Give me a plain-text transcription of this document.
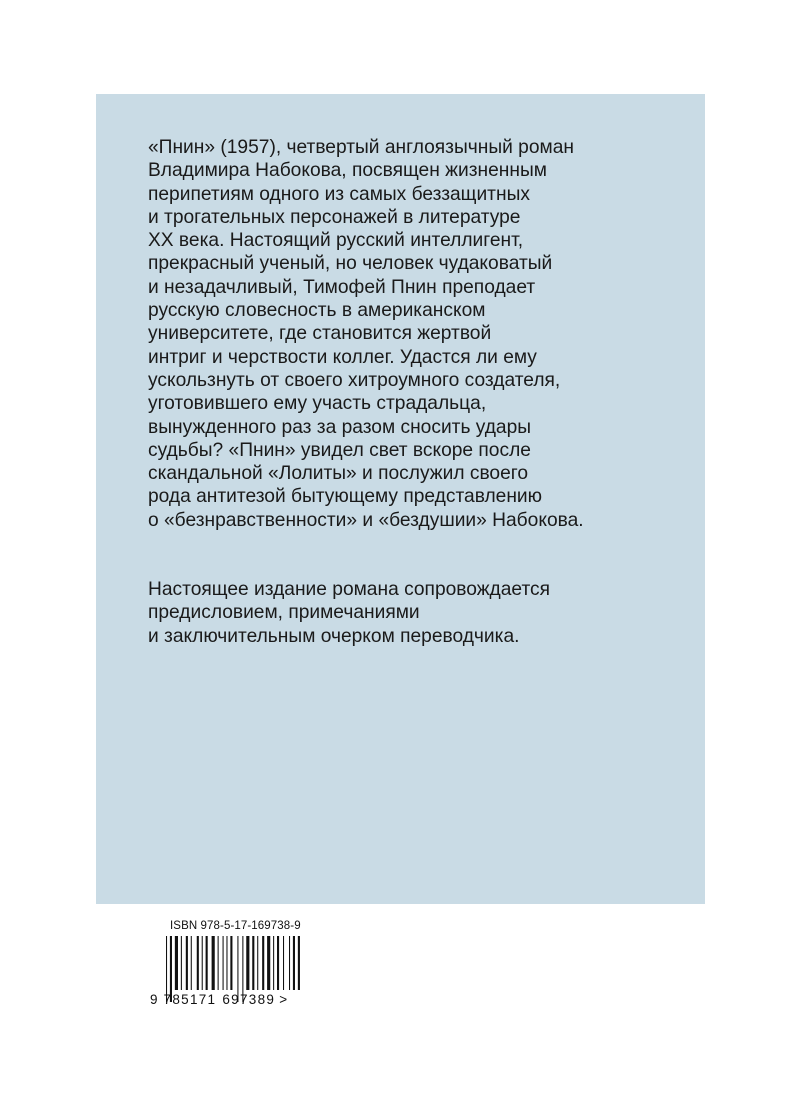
«Пнин» (1957), четвертый англоязычный роман
Владимира Набокова, посвящен жизненным
перипетиям одного из самых беззащитных
и трогательных персонажей в литературе
XX века. Настоящий русский интеллигент,
прекрасный ученый, но человек чудаковатый
и незадачливый, Тимофей Пнин преподает
русскую словесность в американском
университете, где становится жертвой
интриг и черствости коллег. Удастся ли ему
ускользнуть от своего хитроумного создателя,
уготовившего ему участь страдальца,
вынужденного раз за разом сносить удары
судьбы? «Пнин» увидел свет вскоре после
скандальной «Лолиты» и послужил своего
рода антитезой бытующему представлению
о «безнравственности» и «бездушии» Набокова.
Настоящее издание романа сопровождается
предисловием, примечаниями
и заключительным очерком переводчика.
ISBN 978-5-17-169738-9
9 785171 697389 >
